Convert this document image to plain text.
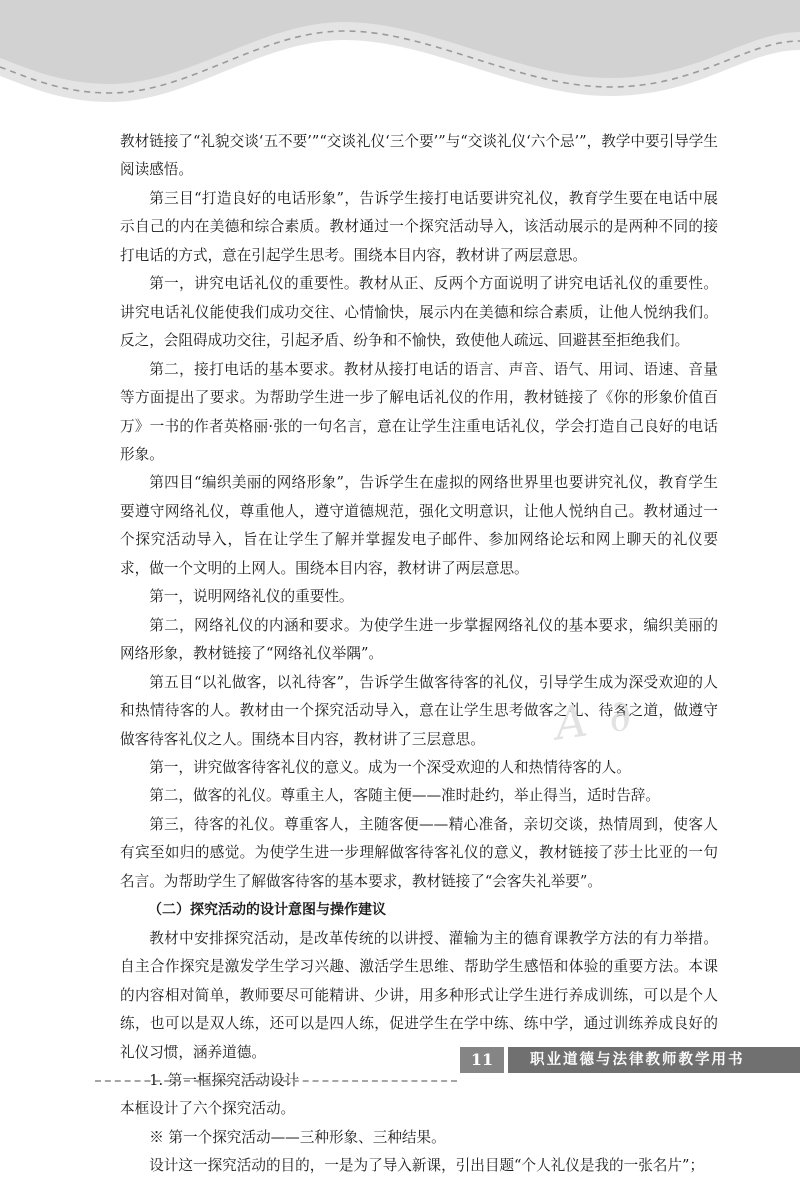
教材链接了“礼貌交谈‘五不要’”“交谈礼仪‘三个要’”与“交谈礼仪‘六个忌’”，教学中要引导学生阅读感悟。

第三目“打造良好的电话形象”，告诉学生接打电话要讲究礼仪，教育学生要在电话中展示自己的内在美德和综合素质。教材通过一个探究活动导入，该活动展示的是两种不同的接打电话的方式，意在引起学生思考。围绕本目内容，教材讲了两层意思。

第一，讲究电话礼仪的重要性。教材从正、反两个方面说明了讲究电话礼仪的重要性。讲究电话礼仪能使我们成功交往、心情愉快，展示内在美德和综合素质，让他人悦纳我们。反之，会阻碍成功交往，引起矛盾、纷争和不愉快，致使他人疏远、回避甚至拒绝我们。

第二，接打电话的基本要求。教材从接打电话的语言、声音、语气、用词、语速、音量等方面提出了要求。为帮助学生进一步了解电话礼仪的作用，教材链接了《你的形象价值百万》一书的作者英格丽·张的一句名言，意在让学生注重电话礼仪，学会打造自己良好的电话形象。

第四目“编织美丽的网络形象”，告诉学生在虚拟的网络世界里也要讲究礼仪，教育学生要遵守网络礼仪，尊重他人，遵守道德规范，强化文明意识，让他人悦纳自己。教材通过一个探究活动导入，旨在让学生了解并掌握发电子邮件、参加网络论坛和网上聊天的礼仪要求，做一个文明的上网人。围绕本目内容，教材讲了两层意思。

第一，说明网络礼仪的重要性。

第二，网络礼仪的内涵和要求。为使学生进一步掌握网络礼仪的基本要求，编织美丽的网络形象，教材链接了“网络礼仪举隅”。

第五目“以礼做客，以礼待客”，告诉学生做客待客的礼仪，引导学生成为深受欢迎的人和热情待客的人。教材由一个探究活动导入，意在让学生思考做客之礼、待客之道，做遵守做客待客礼仪之人。围绕本目内容，教材讲了三层意思。

第一，讲究做客待客礼仪的意义。成为一个深受欢迎的人和热情待客的人。

第二，做客的礼仪。尊重主人，客随主便——准时赴约，举止得当，适时告辞。

第三，待客的礼仪。尊重客人，主随客便——精心准备，亲切交谈，热情周到，使客人有宾至如归的感觉。为使学生进一步理解做客待客礼仪的意义，教材链接了莎士比亚的一句名言。为帮助学生了解做客待客的基本要求，教材链接了“会客失礼举要”。

（二）探究活动的设计意图与操作建议

教材中安排探究活动，是改革传统的以讲授、灌输为主的德育课教学方法的有力举措。自主合作探究是激发学生学习兴趣、激活学生思维、帮助学生感悟和体验的重要方法。本课的内容相对简单，教师要尽可能精讲、少讲，用多种形式让学生进行养成训练，可以是个人练，也可以是双人练，还可以是四人练，促进学生在学中练、练中学，通过训练养成良好的礼仪习惯，涵养道德。

1. 第一框探究活动设计

本框设计了六个探究活动。

※ 第一个探究活动——三种形象、三种结果。

设计这一探究活动的目的，一是为了导入新课，引出目题“个人礼仪是我的一张名片”；

A ∂
11	职业道德与法律教师教学用书
